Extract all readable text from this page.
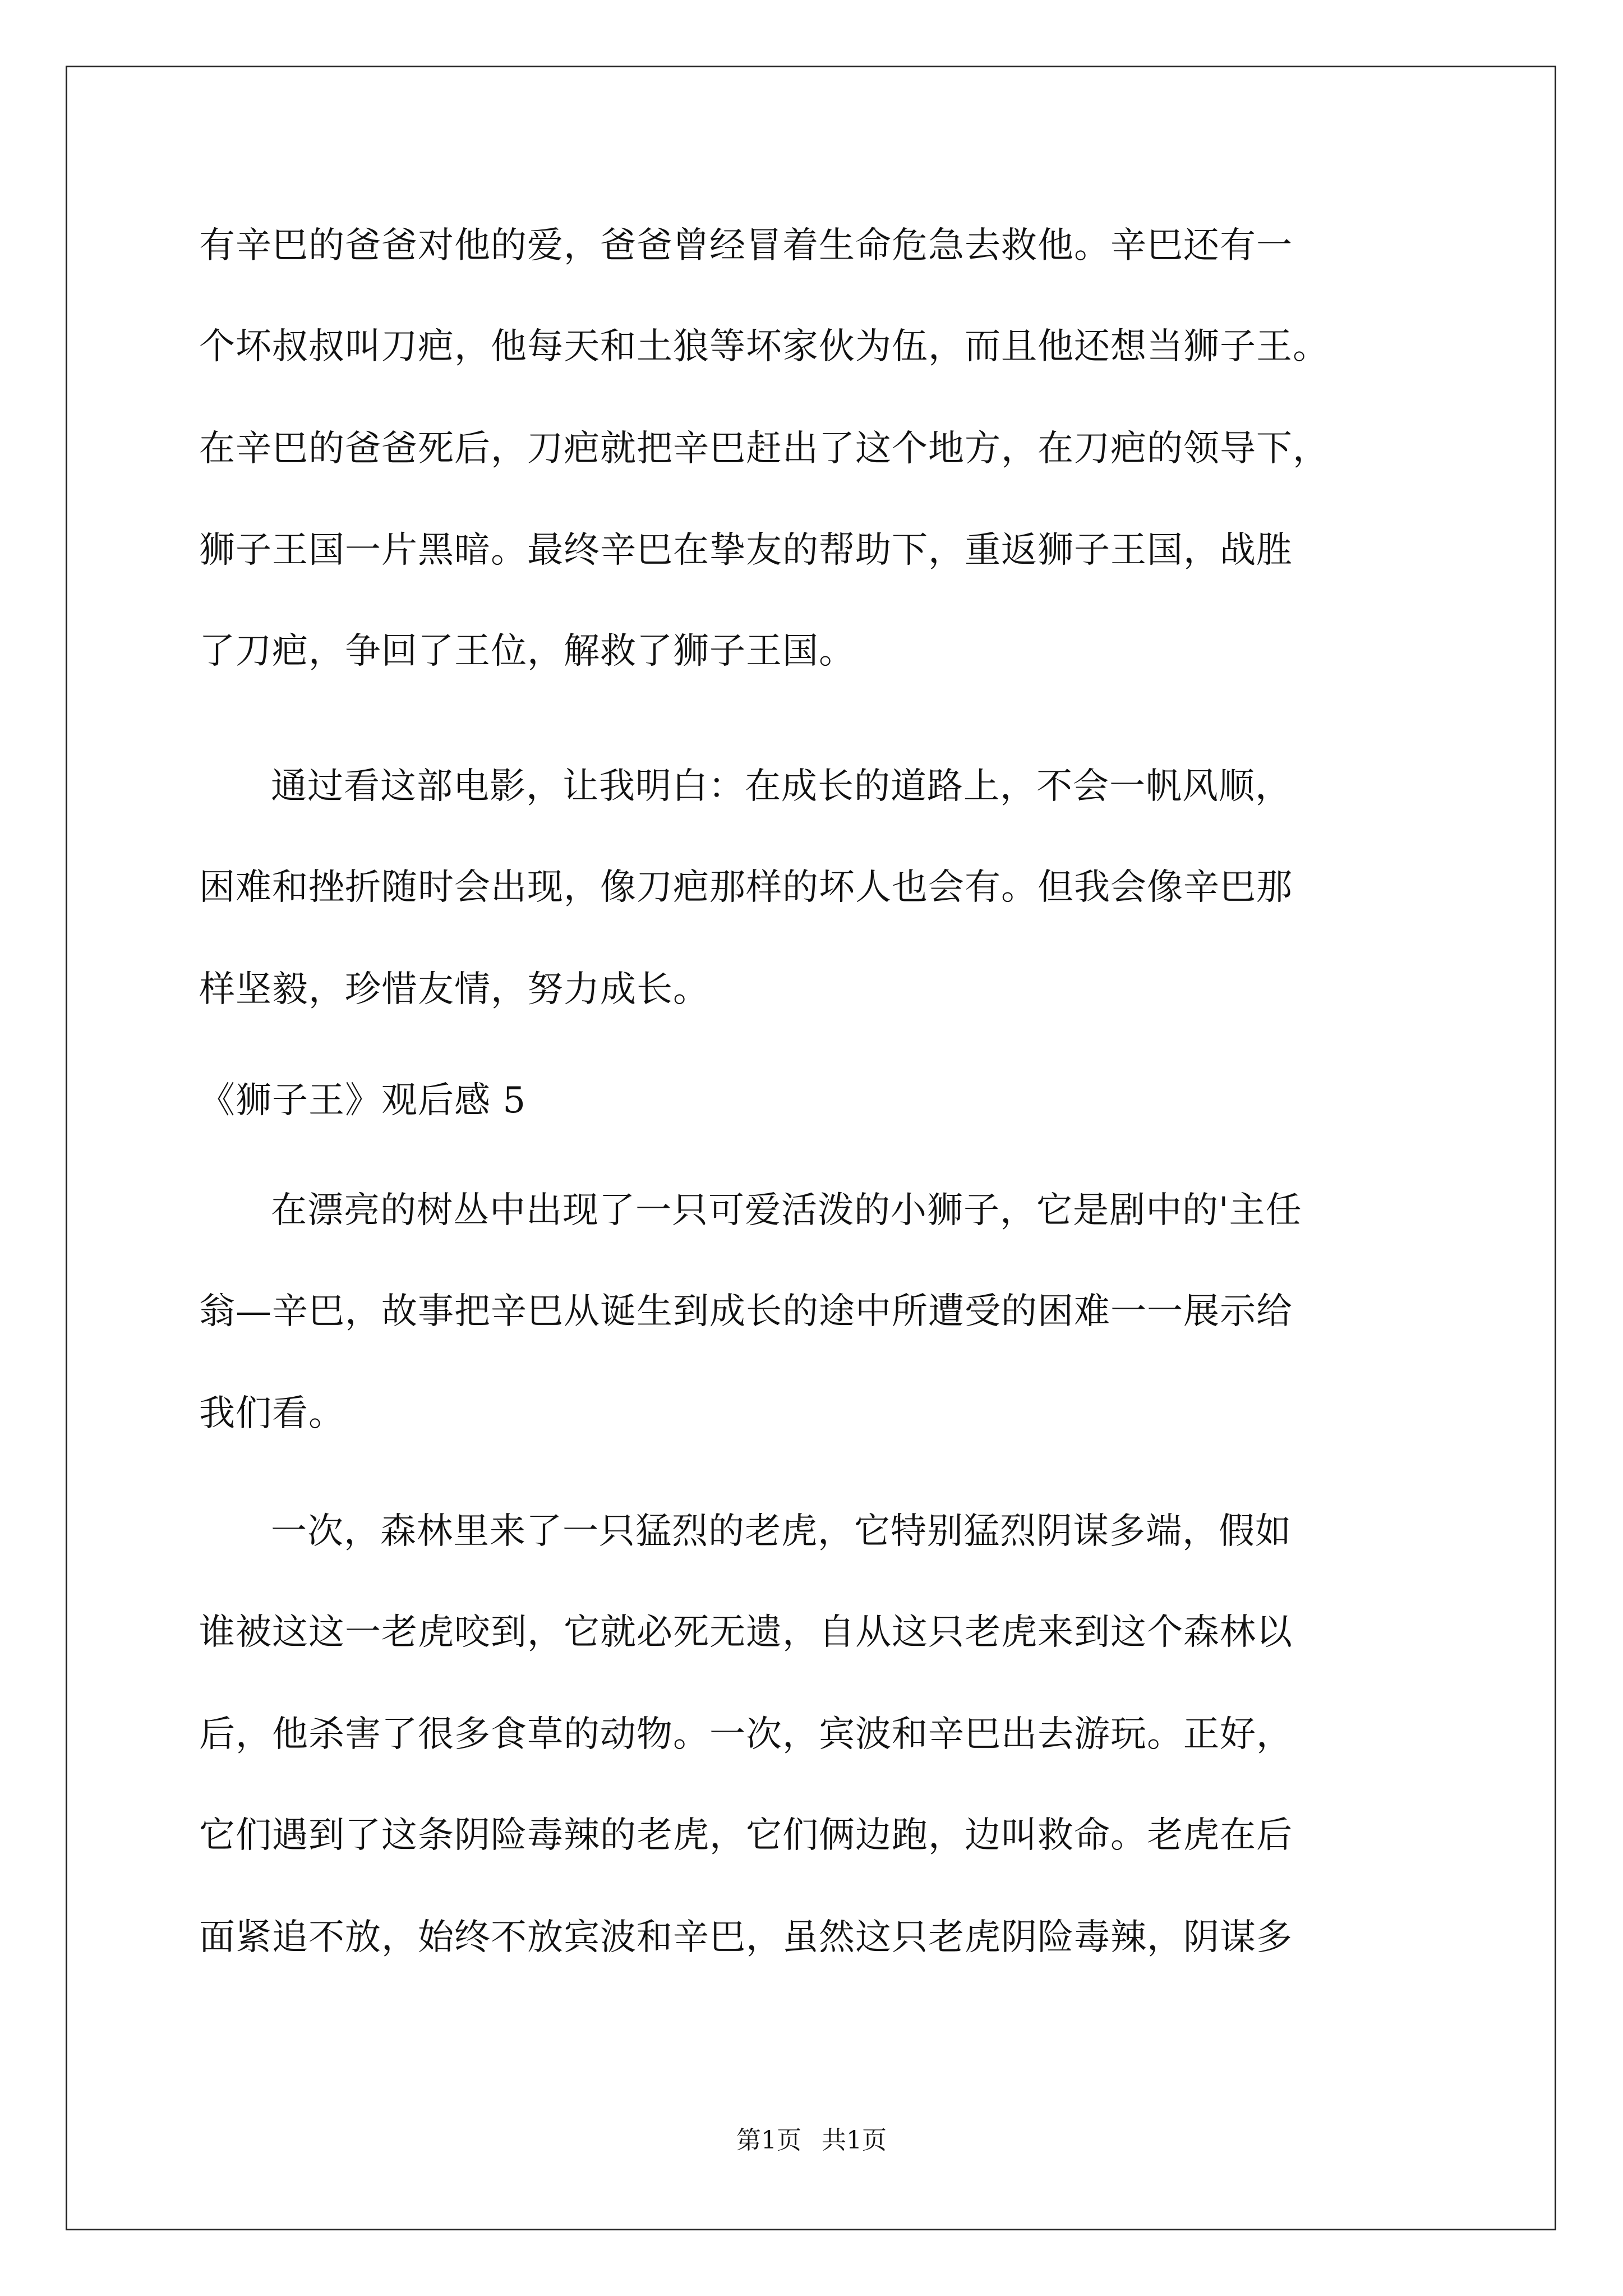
有辛巴的爸爸对他的爱，爸爸曾经冒着生命危急去救他。辛巴还有一
个坏叔叔叫刀疤，他每天和土狼等坏家伙为伍，而且他还想当狮子王。
在辛巴的爸爸死后，刀疤就把辛巴赶出了这个地方，在刀疤的领导下，
狮子王国一片黑暗。最终辛巴在挚友的帮助下，重返狮子王国，战胜
了刀疤，争回了王位，解救了狮子王国。
通过看这部电影，让我明白：在成长的道路上，不会一帆风顺，
困难和挫折随时会出现，像刀疤那样的坏人也会有。但我会像辛巴那
样坚毅，珍惜友情，努力成长。
《狮子王》观后感 5
在漂亮的树丛中出现了一只可爱活泼的小狮子，它是剧中的'主任
翁—辛巴，故事把辛巴从诞生到成长的途中所遭受的困难一一展示给
我们看。
一次，森林里来了一只猛烈的老虎，它特别猛烈阴谋多端，假如
谁被这这一老虎咬到，它就必死无遗，自从这只老虎来到这个森林以
后，他杀害了很多食草的动物。一次，宾波和辛巴出去游玩。正好，
它们遇到了这条阴险毒辣的老虎，它们俩边跑，边叫救命。老虎在后
面紧追不放，始终不放宾波和辛巴，虽然这只老虎阴险毒辣，阴谋多
第1页 共1页
